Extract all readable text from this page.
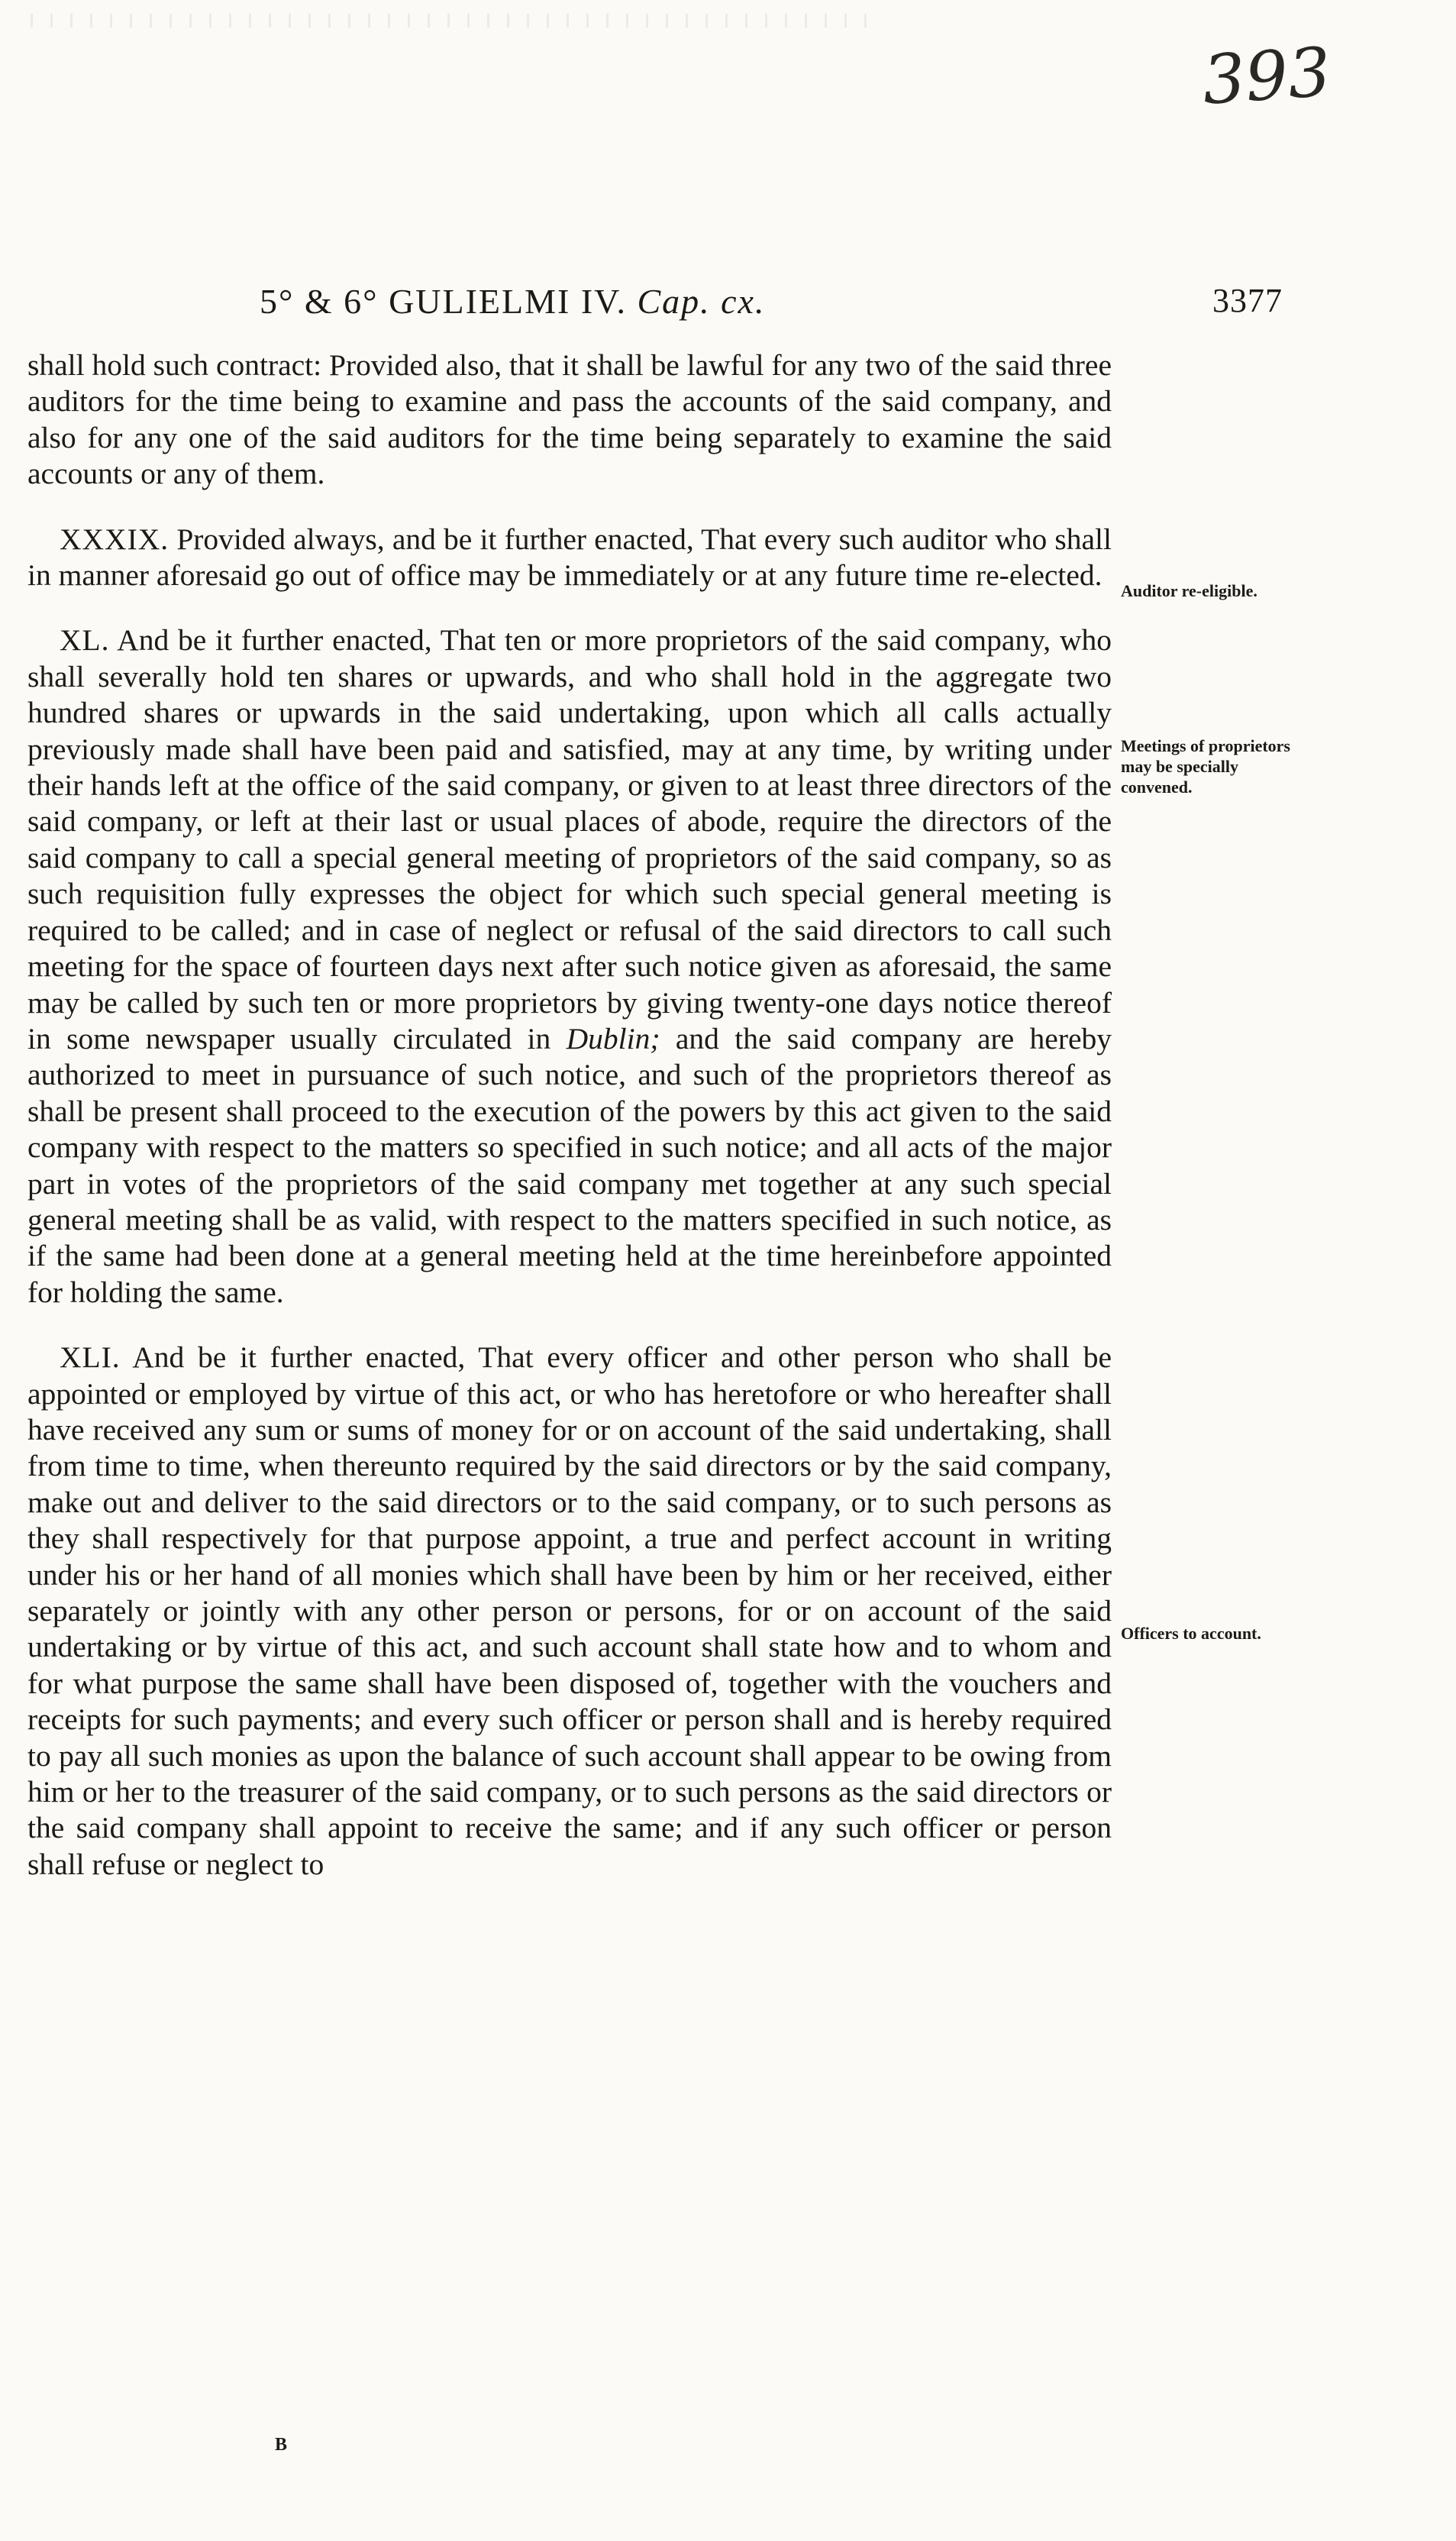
393
5° & 6° GULIELMI IV. Cap. cx.	3377

shall hold such contract: Provided also, that it shall be lawful for any two of the said three auditors for the time being to examine and pass the accounts of the said company, and also for any one of the said auditors for the time being separately to examine the said accounts or any of them.

XXXIX. Provided always, and be it further enacted, That every such auditor who shall in manner aforesaid go out of office may be immediately or at any future time re-elected.

XL. And be it further enacted, That ten or more proprietors of the said company, who shall severally hold ten shares or upwards, and who shall hold in the aggregate two hundred shares or upwards in the said undertaking, upon which all calls actually previously made shall have been paid and satisfied, may at any time, by writing under their hands left at the office of the said company, or given to at least three directors of the said company, or left at their last or usual places of abode, require the directors of the said company to call a special general meeting of proprietors of the said company, so as such requisition fully expresses the object for which such special general meeting is required to be called; and in case of neglect or refusal of the said directors to call such meeting for the space of fourteen days next after such notice given as aforesaid, the same may be called by such ten or more proprietors by giving twenty-one days notice thereof in some newspaper usually circulated in Dublin; and the said company are hereby authorized to meet in pursuance of such notice, and such of the proprietors thereof as shall be present shall proceed to the execution of the powers by this act given to the said company with respect to the matters so specified in such notice; and all acts of the major part in votes of the proprietors of the said company met together at any such special general meeting shall be as valid, with respect to the matters specified in such notice, as if the same had been done at a general meeting held at the time hereinbefore appointed for holding the same.

XLI. And be it further enacted, That every officer and other person who shall be appointed or employed by virtue of this act, or who has heretofore or who hereafter shall have received any sum or sums of money for or on account of the said undertaking, shall from time to time, when thereunto required by the said directors or by the said company, make out and deliver to the said directors or to the said company, or to such persons as they shall respectively for that purpose appoint, a true and perfect account in writing under his or her hand of all monies which shall have been by him or her received, either separately or jointly with any other person or persons, for or on account of the said undertaking or by virtue of this act, and such account shall state how and to whom and for what purpose the same shall have been disposed of, together with the vouchers and receipts for such payments; and every such officer or person shall and is hereby required to pay all such monies as upon the balance of such account shall appear to be owing from him or her to the treasurer of the said company, or to such persons as the said directors or the said company shall appoint to receive the same; and if any such officer or person shall refuse or neglect to

Auditor re-eligible.
Meetings of proprietors may be specially convened.
Officers to account.
B
